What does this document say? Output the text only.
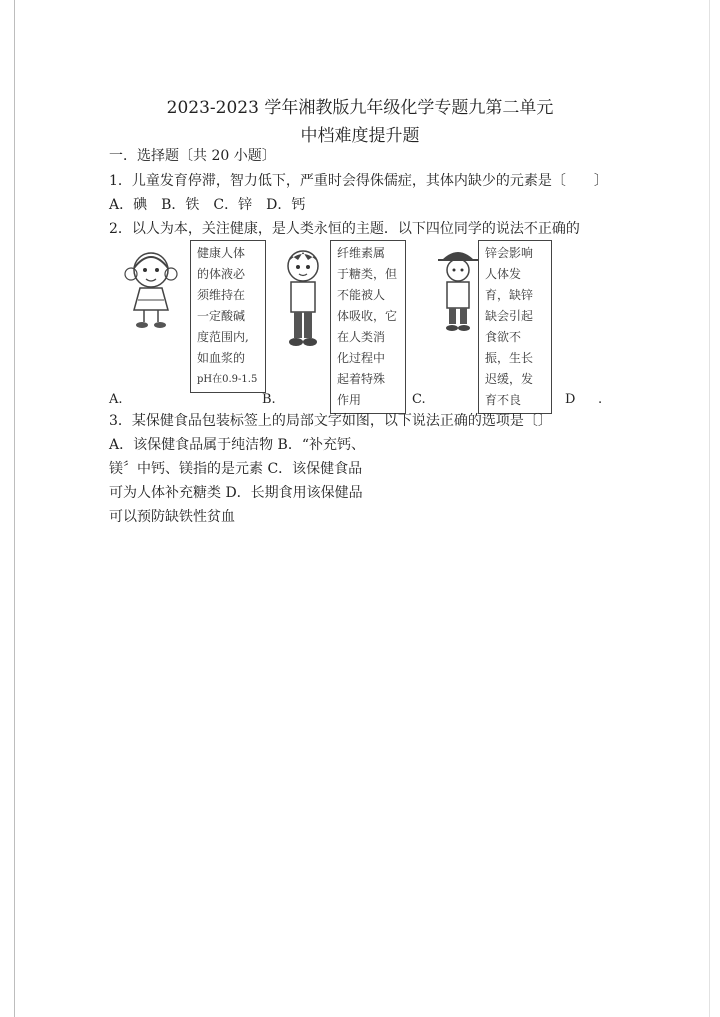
2023-2023 学年湘教版九年级化学专题九第二单元
中档难度提升题
一．选择题〔共 20 小题〕
1．儿童发育停滞，智力低下，严重时会得侏儒症，其体内缺少的元素是〔　　〕
A．碘　B．铁　C．锌　D．钙
2．以人为本，关注健康，是人类永恒的主题．以下四位同学的说法不正确的
健康人体
的体液必
须维持在
一定酸碱
度范围内,
如血浆的
pH在0.9-1.5
纤维素属
于糖类，但
不能被人
体吸收，它
在人类消
化过程中
起着特殊
作用
锌会影响
人体发
育，缺锌
缺会引起
食欲不
振，生长
迟缓，发
育不良
A.	B.	C.	D .
3．某保健食品包装标签上的局部文字如图，以下说法正确的选项是〔〕
A．该保健食品属于纯洁物 B．“补充钙、
镁〞中钙、镁指的是元素 C．该保健食品
可为人体补充糖类 D．长期食用该保健品
可以预防缺铁性贫血
